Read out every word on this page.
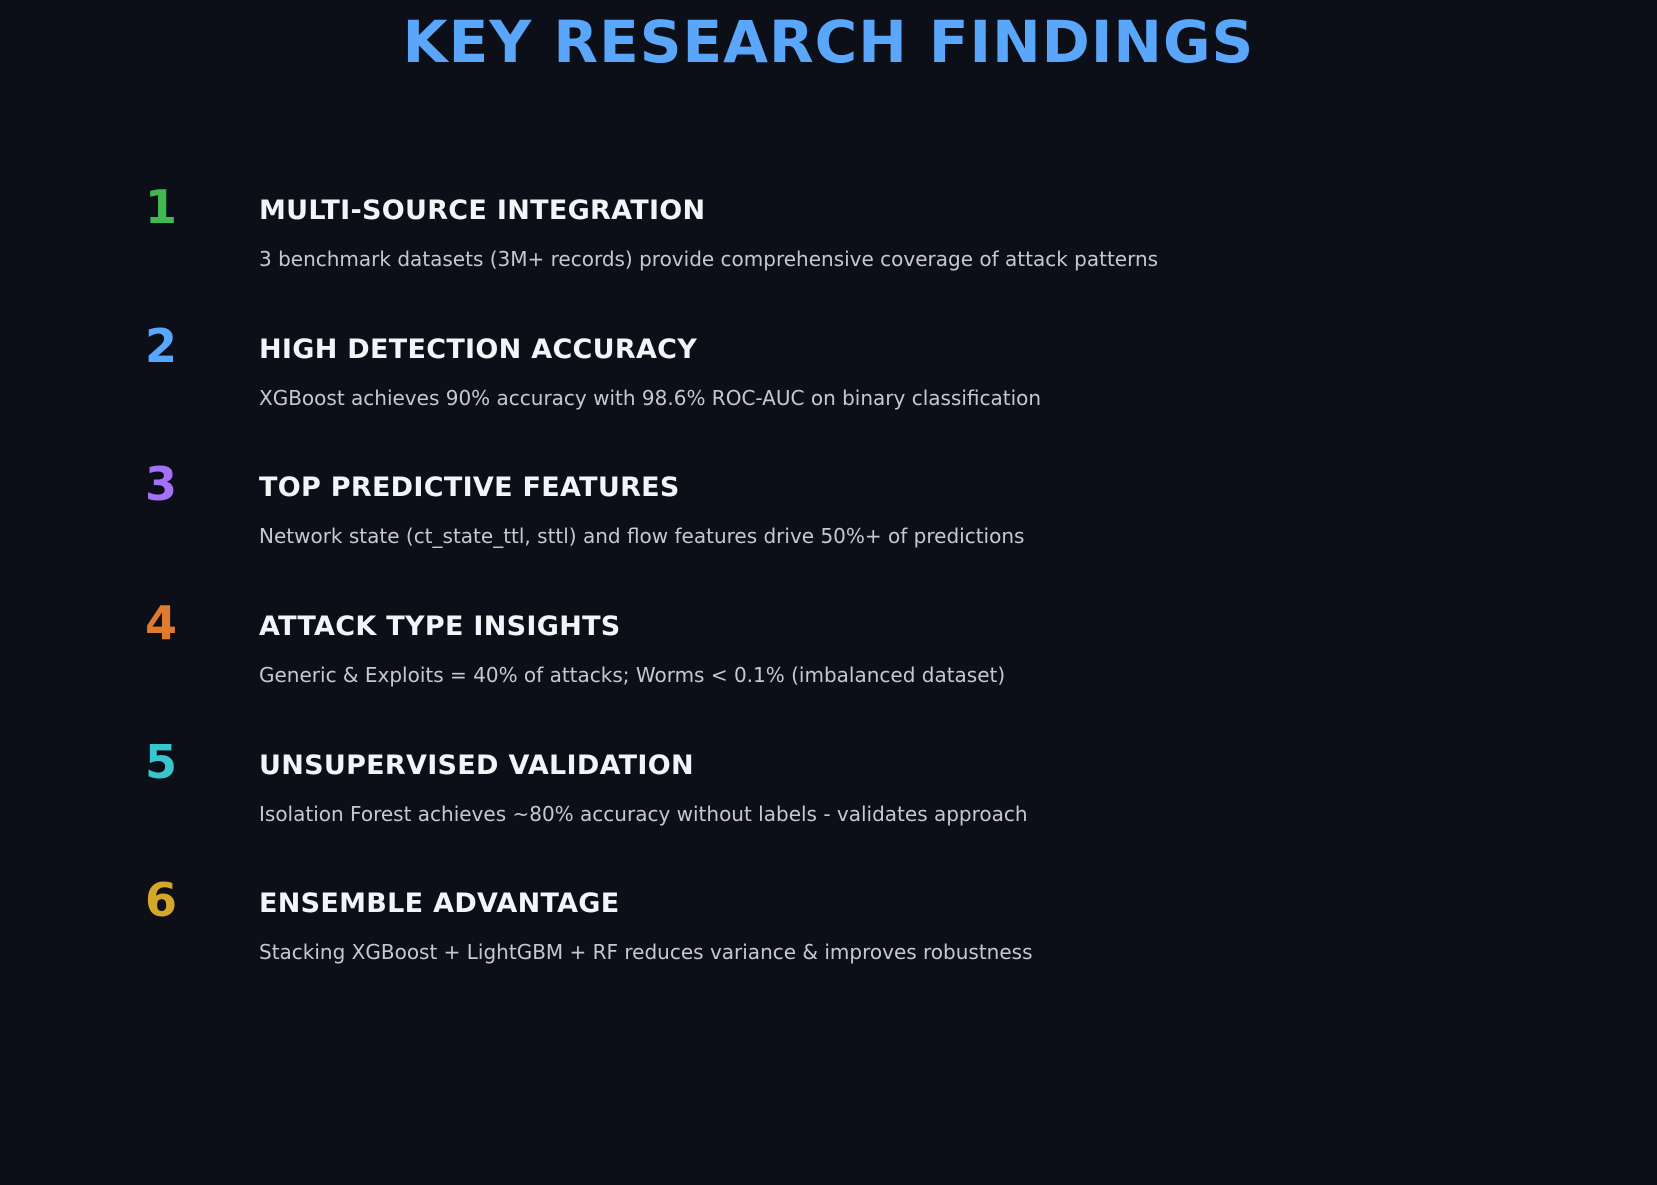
KEY RESEARCH FINDINGS
1	MULTI-SOURCE INTEGRATION
3 benchmark datasets (3M+ records) provide comprehensive coverage of attack patterns
2	HIGH DETECTION ACCURACY
XGBoost achieves 90% accuracy with 98.6% ROC-AUC on binary classification
3	TOP PREDICTIVE FEATURES
Network state (ct_state_ttl, sttl) and flow features drive 50%+ of predictions
4	ATTACK TYPE INSIGHTS
Generic & Exploits = 40% of attacks; Worms < 0.1% (imbalanced dataset)
5	UNSUPERVISED VALIDATION
Isolation Forest achieves ~80% accuracy without labels - validates approach
6	ENSEMBLE ADVANTAGE
Stacking XGBoost + LightGBM + RF reduces variance & improves robustness
